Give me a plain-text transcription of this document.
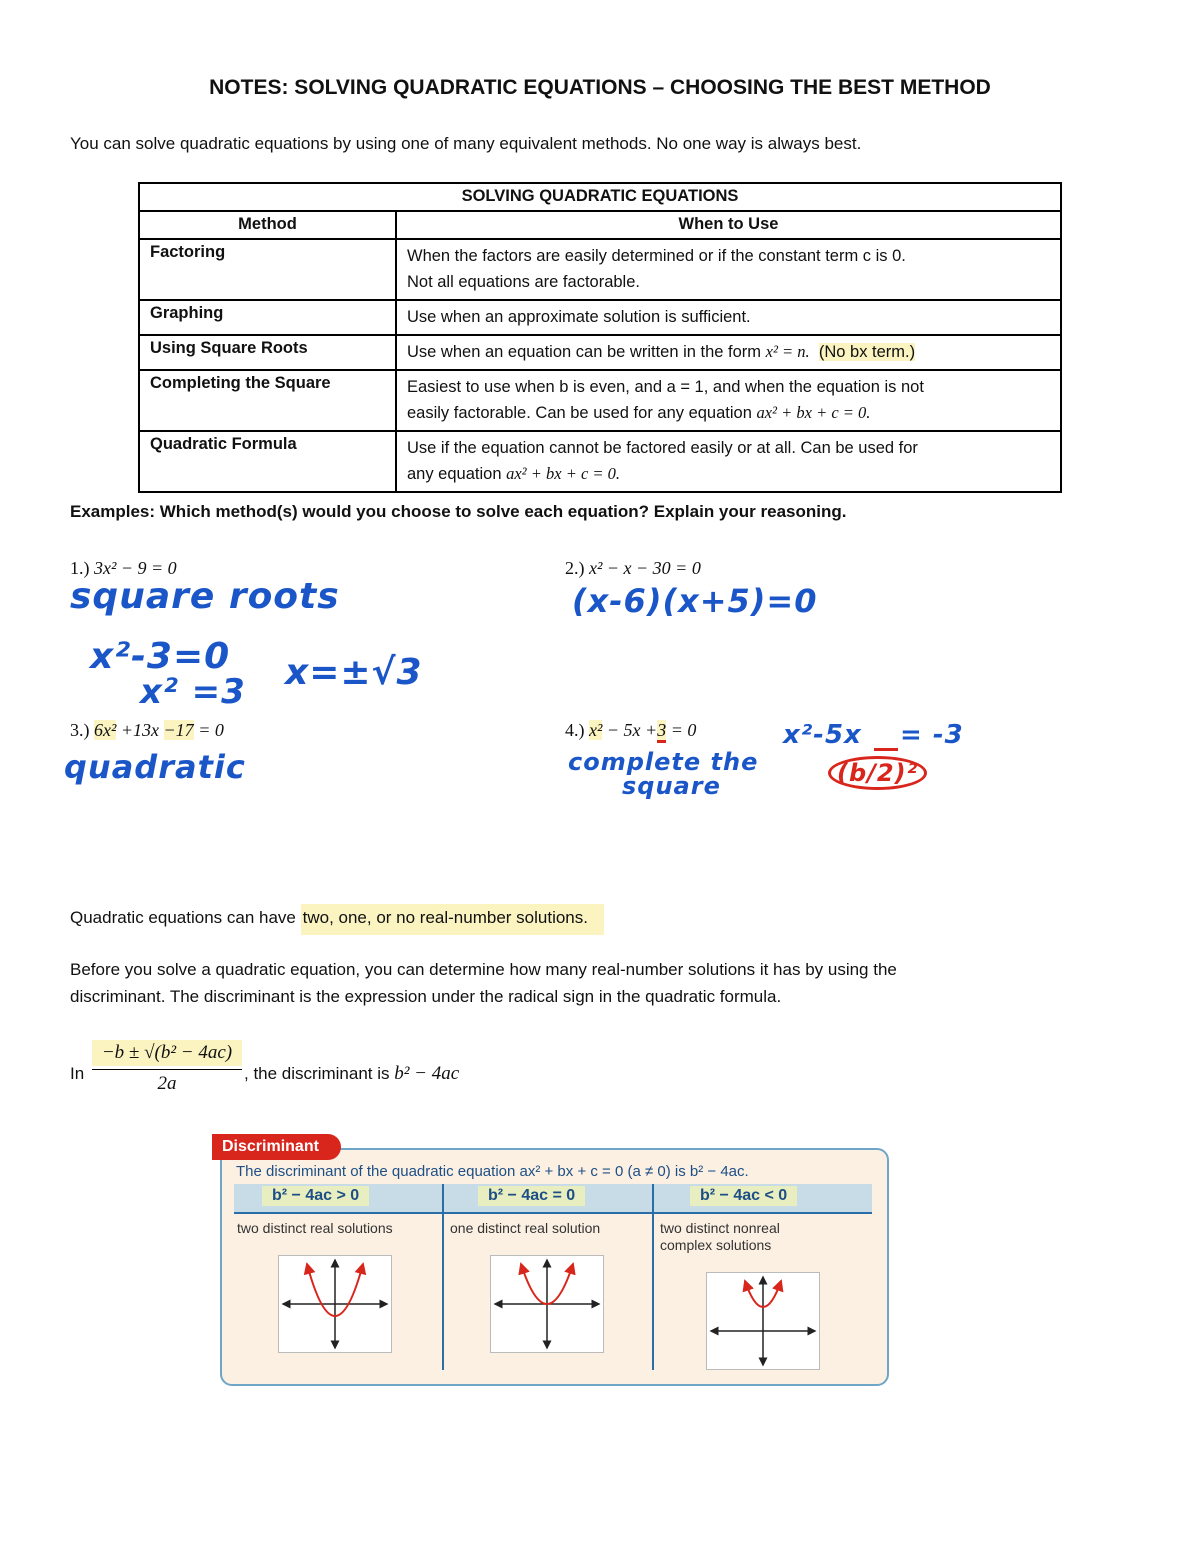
NOTES: SOLVING QUADRATIC EQUATIONS – CHOOSING THE BEST METHOD
You can solve quadratic equations by using one of many equivalent methods. No one way is always best.
SOLVING QUADRATIC EQUATIONS	
Method	When to Use
Factoring	When the factors are easily determined or if the constant term c is 0.
Not all equations are factorable.

Graphing	Use when an approximate solution is sufficient.

Using Square Roots	Use when an equation can be written in the form x² = n. (No bx term.)
Completing the Square	Easiest to use when b is even, and a = 1, and when the equation is not
easily factorable. Can be used for any equation ax² + bx + c = 0.

Quadratic Formula	Use if the equation cannot be factored easily or at all. Can be used for
any equation ax² + bx + c = 0.
Examples: Which method(s) would you choose to solve each equation? Explain your reasoning.
1.) 3x² − 9 = 0
square roots
x²-3=0
x² =3 x=±√3
2.) x² − x − 30 = 0
(x-6)(x+5)=0
3.) 6x² +13x −17 = 0
quadratic
4.) x² − 5x +3 = 0
complete the
square
x²-5x = -3
(b/2)²
Quadratic equations can have two, one, or no real-number solutions.
Before you solve a quadratic equation, you can determine how many real-number solutions it has by using the
discriminant. The discriminant is the expression under the radical sign in the quadratic formula.
In
−b ± √(b² − 4ac)
2a	, the discriminant is b² − 4ac
Discriminant
The discriminant of the quadratic equation ax² + bx + c = 0 (a ≠ 0) is b² − 4ac.
b² − 4ac > 0	b² − 4ac = 0	b² − 4ac < 0
two distinct real solutions	one distinct real solution	two distinct nonreal complex solutions
